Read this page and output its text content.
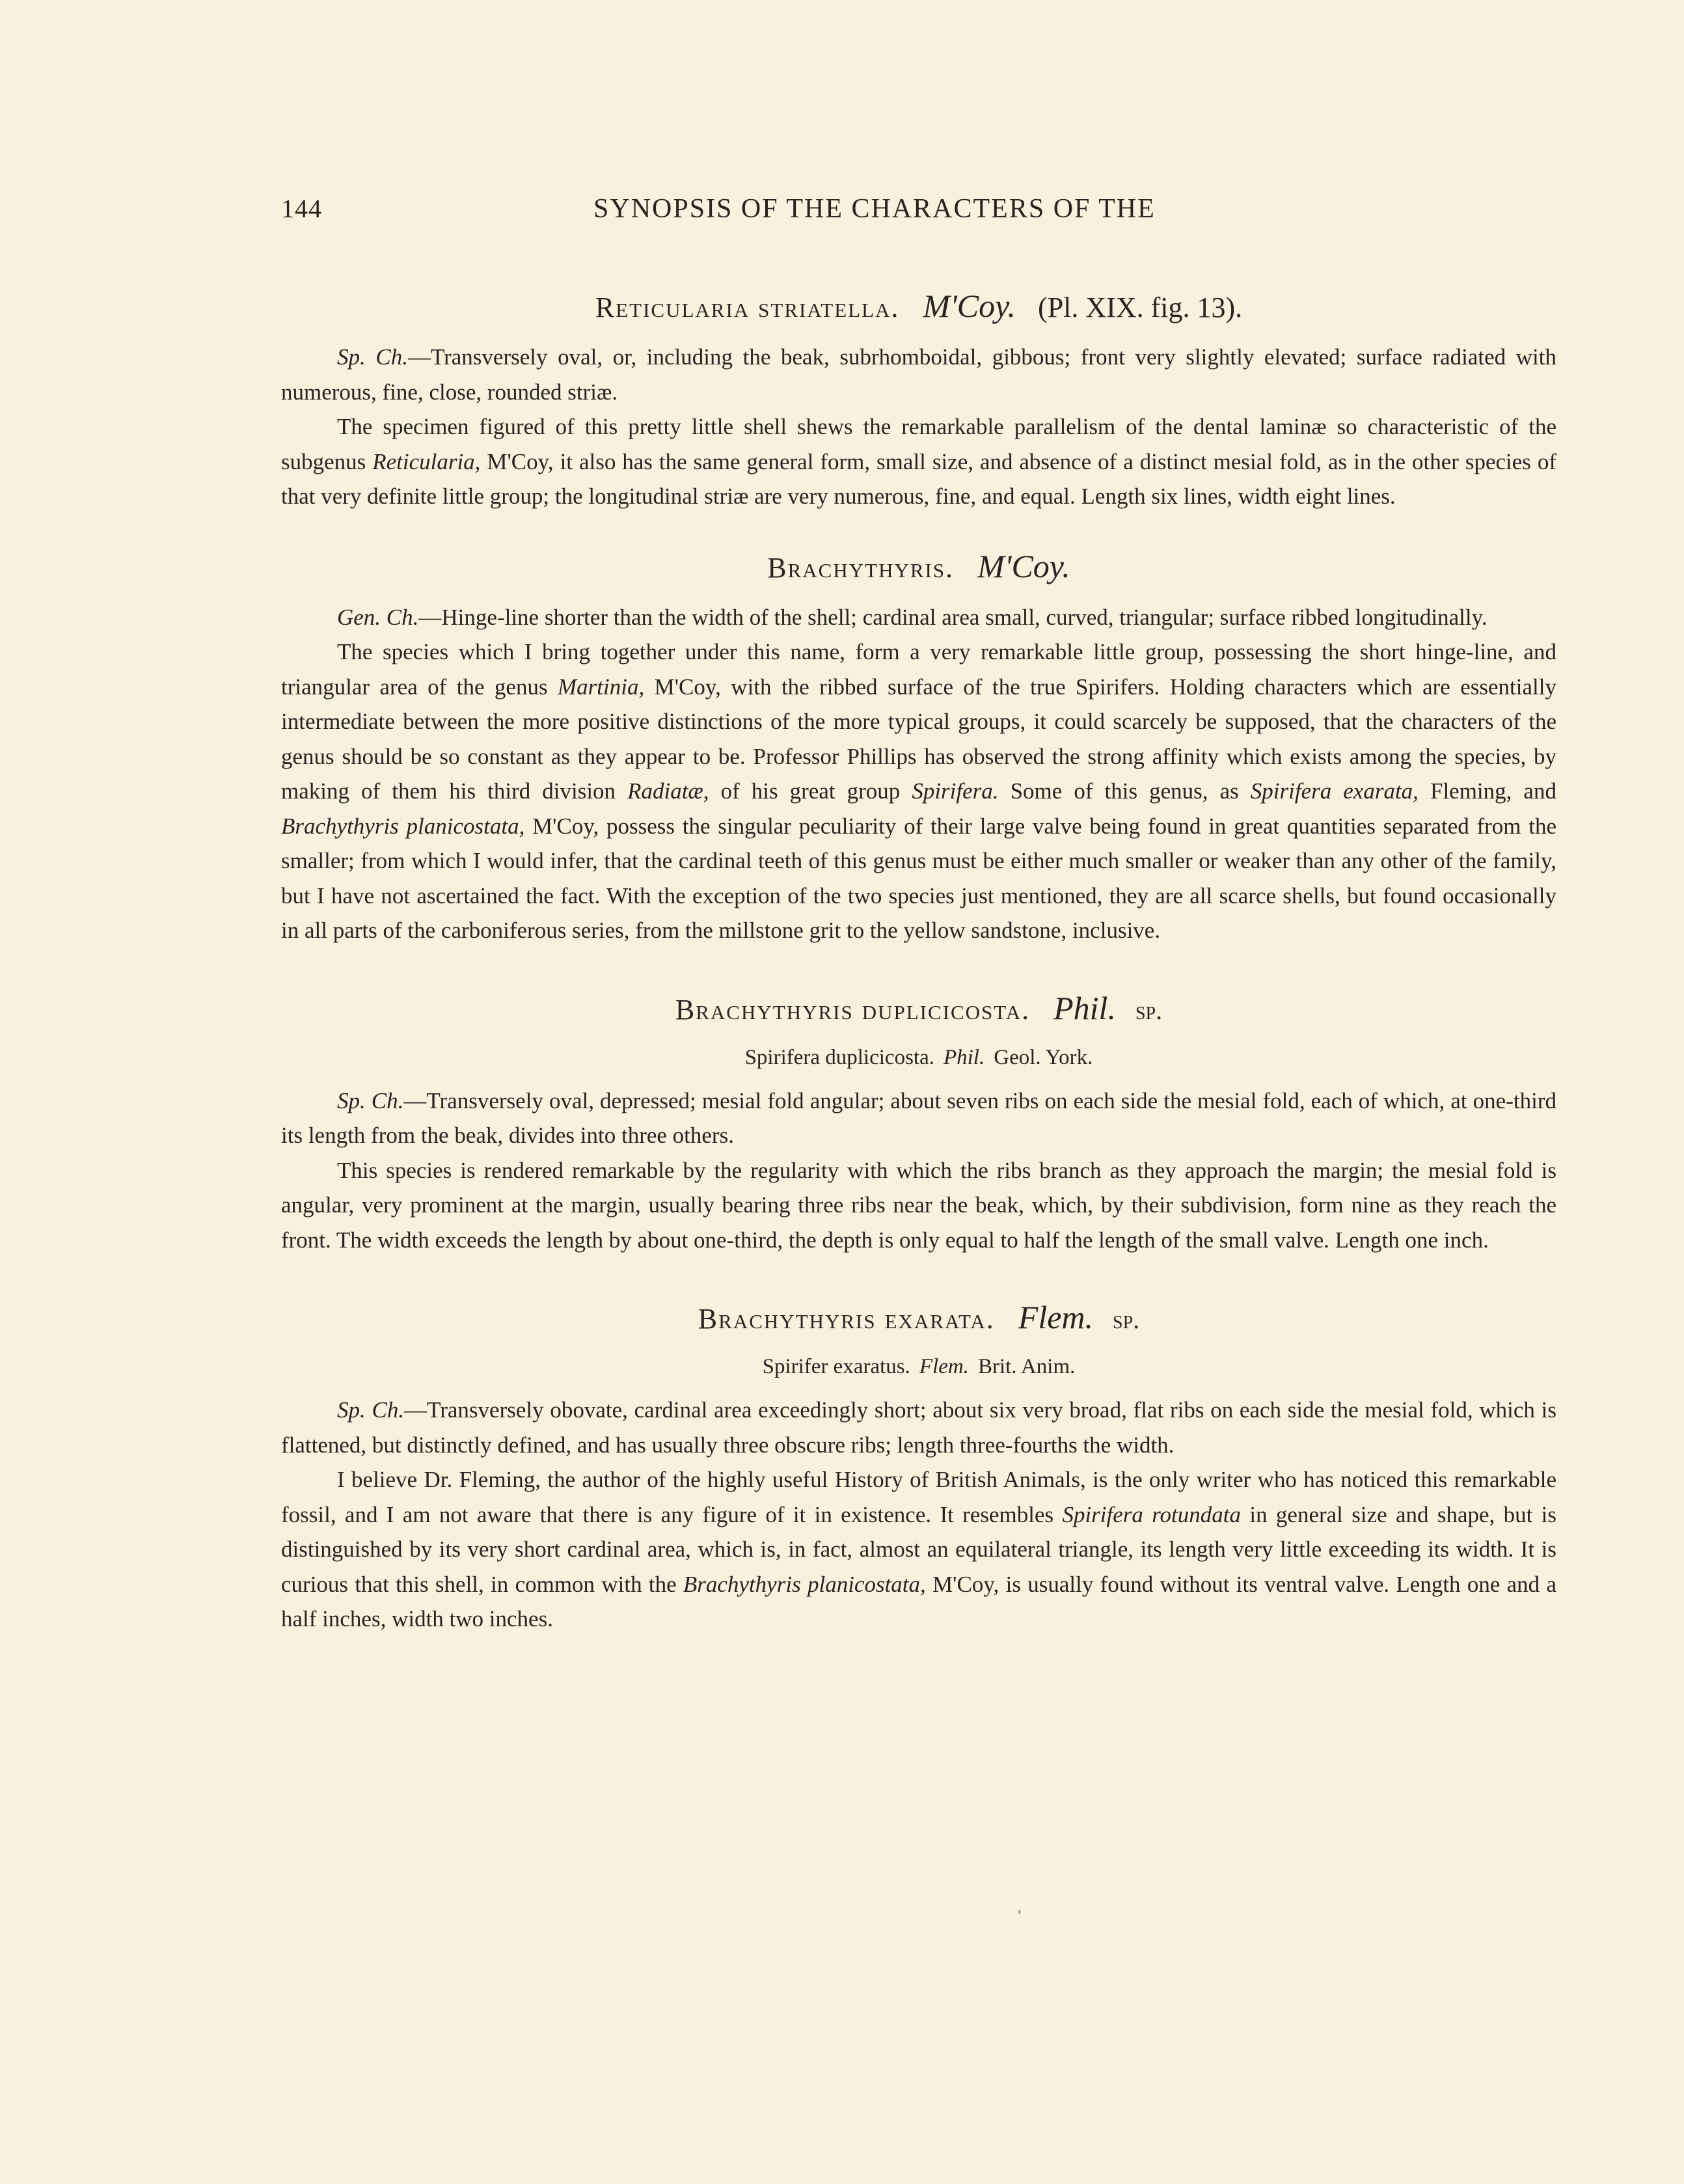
144	SYNOPSIS OF THE CHARACTERS OF THE

Reticularia striatella. M'Coy. (Pl. XIX. fig. 13).

Sp. Ch.—Transversely oval, or, including the beak, subrhomboidal, gibbous; front very slightly elevated; surface radiated with numerous, fine, close, rounded striæ.

The specimen figured of this pretty little shell shews the remarkable parallelism of the dental laminæ so characteristic of the subgenus Reticularia, M'Coy, it also has the same general form, small size, and absence of a distinct mesial fold, as in the other species of that very definite little group; the longitudinal striæ are very numerous, fine, and equal. Length six lines, width eight lines.

Brachythyris. M'Coy.

Gen. Ch.—Hinge-line shorter than the width of the shell; cardinal area small, curved, triangular; surface ribbed longitudinally.

The species which I bring together under this name, form a very remarkable little group, possessing the short hinge-line, and triangular area of the genus Martinia, M'Coy, with the ribbed surface of the true Spirifers. Holding characters which are essentially intermediate between the more positive distinctions of the more typical groups, it could scarcely be supposed, that the characters of the genus should be so constant as they appear to be. Professor Phillips has observed the strong affinity which exists among the species, by making of them his third division Radiatæ, of his great group Spirifera. Some of this genus, as Spirifera exarata, Fleming, and Brachythyris planicostata, M'Coy, possess the singular peculiarity of their large valve being found in great quantities separated from the smaller; from which I would infer, that the cardinal teeth of this genus must be either much smaller or weaker than any other of the family, but I have not ascertained the fact. With the exception of the two species just mentioned, they are all scarce shells, but found occasionally in all parts of the carboniferous series, from the millstone grit to the yellow sandstone, inclusive.

Brachythyris duplicicosta. Phil. sp.

Spirifera duplicicosta. Phil. Geol. York.

Sp. Ch.—Transversely oval, depressed; mesial fold angular; about seven ribs on each side the mesial fold, each of which, at one-third its length from the beak, divides into three others.

This species is rendered remarkable by the regularity with which the ribs branch as they approach the margin; the mesial fold is angular, very prominent at the margin, usually bearing three ribs near the beak, which, by their subdivision, form nine as they reach the front. The width exceeds the length by about one-third, the depth is only equal to half the length of the small valve. Length one inch.

Brachythyris exarata. Flem. sp.

Spirifer exaratus. Flem. Brit. Anim.

Sp. Ch.—Transversely obovate, cardinal area exceedingly short; about six very broad, flat ribs on each side the mesial fold, which is flattened, but distinctly defined, and has usually three obscure ribs; length three-fourths the width.

I believe Dr. Fleming, the author of the highly useful History of British Animals, is the only writer who has noticed this remarkable fossil, and I am not aware that there is any figure of it in existence. It resembles Spirifera rotundata in general size and shape, but is distinguished by its very short cardinal area, which is, in fact, almost an equilateral triangle, its length very little exceeding its width. It is curious that this shell, in common with the Brachythyris planicostata, M'Coy, is usually found without its ventral valve. Length one and a half inches, width two inches.
